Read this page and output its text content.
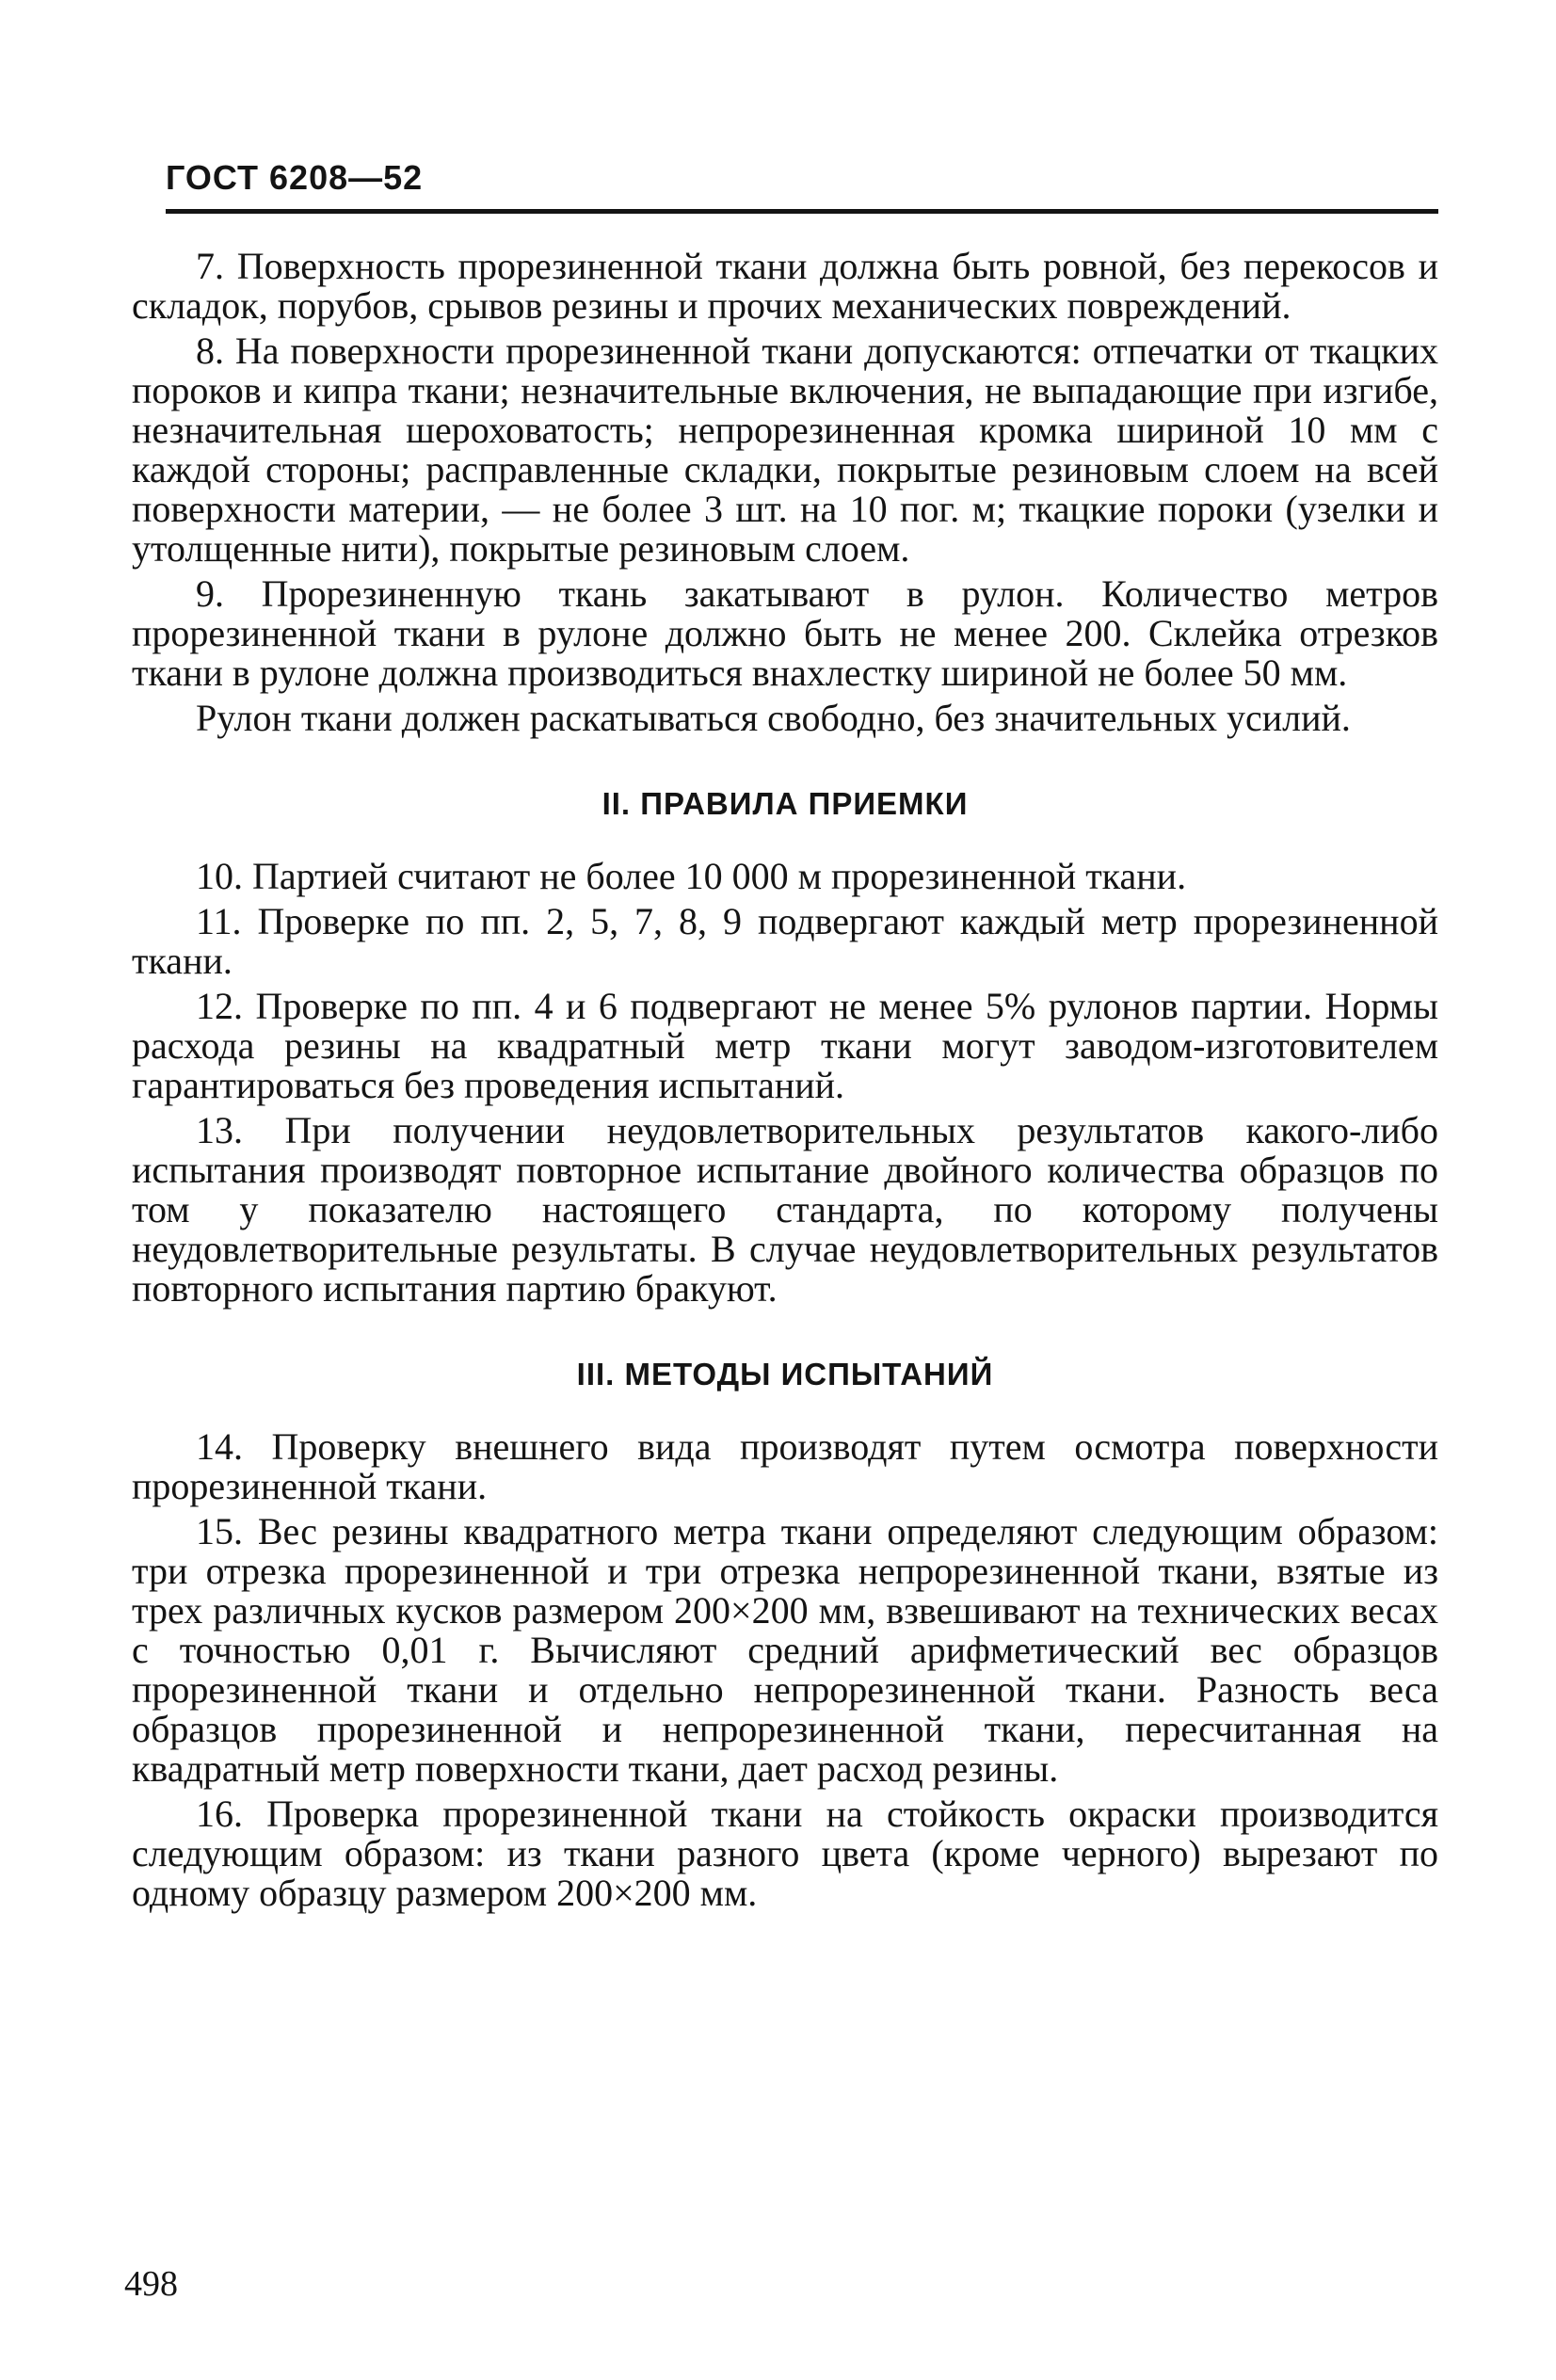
ГОСТ 6208—52

7. Поверхность прорезиненной ткани должна быть ровной, без перекосов и складок, порубов, срывов резины и прочих механических повреждений.

8. На поверхности прорезиненной ткани допускаются: отпечатки от ткацких пороков и кипра ткани; незначительные включения, не выпадающие при изгибе, незначительная шероховатость; непрорезиненная кромка шириной 10 мм с каждой стороны; расправленные складки, покрытые резиновым слоем на всей поверхности материи, — не более 3 шт. на 10 пог. м; ткацкие пороки (узелки и утолщенные нити), покрытые резиновым слоем.

9. Прорезиненную ткань закатывают в рулон. Количество метров прорезиненной ткани в рулоне должно быть не менее 200. Склейка отрезков ткани в рулоне должна производиться внахлестку шириной не более 50 мм.

Рулон ткани должен раскатываться свободно, без значительных усилий.

II. ПРАВИЛА ПРИЕМКИ

10. Партией считают не более 10 000 м прорезиненной ткани.

11. Проверке по пп. 2, 5, 7, 8, 9 подвергают каждый метр прорезиненной ткани.

12. Проверке по пп. 4 и 6 подвергают не менее 5% рулонов партии. Нормы расхода резины на квадратный метр ткани могут заводом-изготовителем гарантироваться без проведения испытаний.

13. При получении неудовлетворительных результатов какого-либо испытания производят повторное испытание двойного количества образцов по том у показателю настоящего стандарта, по которому получены неудовлетворительные результаты. В случае неудовлетворительных результатов повторного испытания партию бракуют.

III. МЕТОДЫ ИСПЫТАНИЙ

14. Проверку внешнего вида производят путем осмотра поверхности прорезиненной ткани.

15. Вес резины квадратного метра ткани определяют следующим образом: три отрезка прорезиненной и три отрезка непрорезиненной ткани, взятые из трех различных кусков размером 200×200 мм, взвешивают на технических весах с точностью 0,01 г. Вычисляют средний арифметический вес образцов прорезиненной ткани и отдельно непрорезиненной ткани. Разность веса образцов прорезиненной и непрорезиненной ткани, пересчитанная на квадратный метр поверхности ткани, дает расход резины.

16. Проверка прорезиненной ткани на стойкость окраски производится следующим образом: из ткани разного цвета (кроме черного) вырезают по одному образцу размером 200×200 мм.

498
